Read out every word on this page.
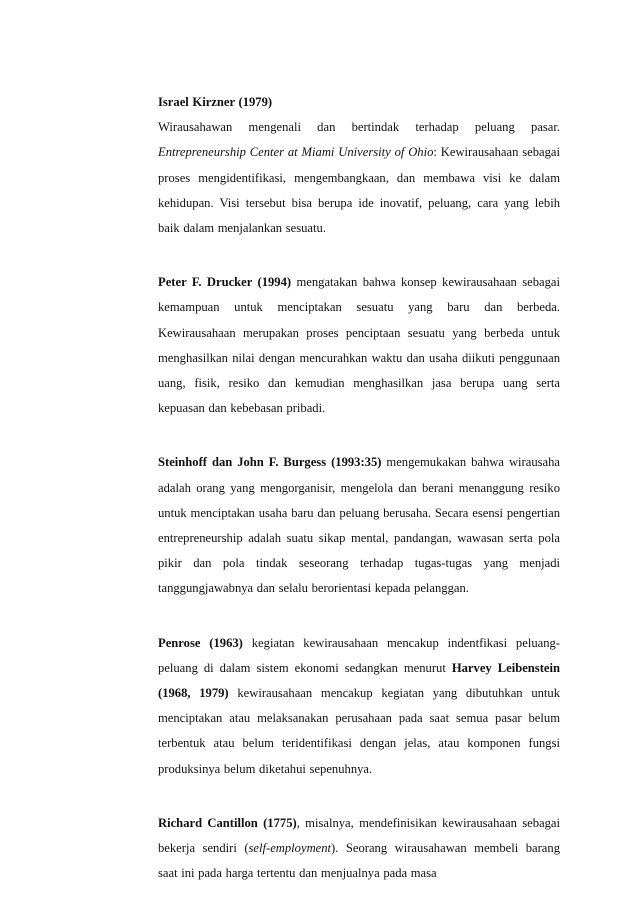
Israel Kirzner (1979)
Wirausahawan mengenali dan bertindak terhadap peluang pasar. Entrepreneurship Center at Miami University of Ohio: Kewirausahaan sebagai proses mengidentifikasi, mengembangkaan, dan membawa visi ke dalam kehidupan. Visi tersebut bisa berupa ide inovatif, peluang, cara yang lebih baik dalam menjalankan sesuatu.

Peter F. Drucker (1994) mengatakan bahwa konsep kewirausahaan sebagai kemampuan untuk menciptakan sesuatu yang baru dan berbeda. Kewirausahaan merupakan proses penciptaan sesuatu yang berbeda untuk menghasilkan nilai dengan mencurahkan waktu dan usaha diikuti penggunaan uang, fisik, resiko dan kemudian menghasilkan jasa berupa uang serta kepuasan dan kebebasan pribadi.

Steinhoff dan John F. Burgess (1993:35) mengemukakan bahwa wirausaha adalah orang yang mengorganisir, mengelola dan berani menanggung resiko untuk menciptakan usaha baru dan peluang berusaha. Secara esensi pengertian entrepreneurship adalah suatu sikap mental, pandangan, wawasan serta pola pikir dan pola tindak seseorang terhadap tugas-tugas yang menjadi tanggungjawabnya dan selalu berorientasi kepada pelanggan.

Penrose (1963) kegiatan kewirausahaan mencakup indentfikasi peluang-peluang di dalam sistem ekonomi sedangkan menurut Harvey Leibenstein (1968, 1979) kewirausahaan mencakup kegiatan yang dibutuhkan untuk menciptakan atau melaksanakan perusahaan pada saat semua pasar belum terbentuk atau belum teridentifikasi dengan jelas, atau komponen fungsi produksinya belum diketahui sepenuhnya.

Richard Cantillon (1775), misalnya, mendefinisikan kewirausahaan sebagai bekerja sendiri (self-employment). Seorang wirausahawan membeli barang saat ini pada harga tertentu dan menjualnya pada masa
